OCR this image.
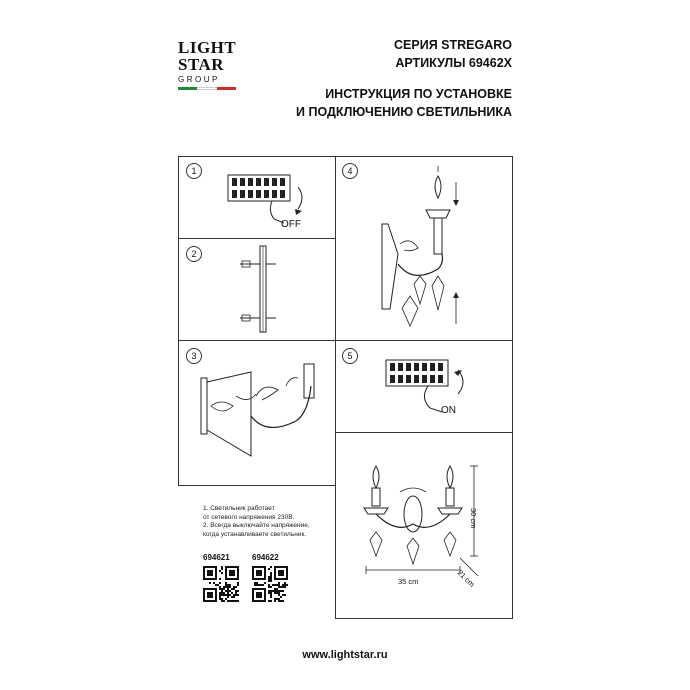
LIGHT
STAR
GROUP
СЕРИЯ STREGARO
АРТИКУЛЫ 69462X
ИНСТРУКЦИЯ ПО УСТАНОВКЕ
И ПОДКЛЮЧЕНИЮ СВЕТИЛЬНИКА
1
2
3
4
5
OFF
ON
35 cm
30 cm
21 cm
1. Светильник работает
от сетевого напряжения 230В.
2. Всегда выключайте напряжение,
когда устанавливаете светильник.
694621	694622
www.lightstar.ru
